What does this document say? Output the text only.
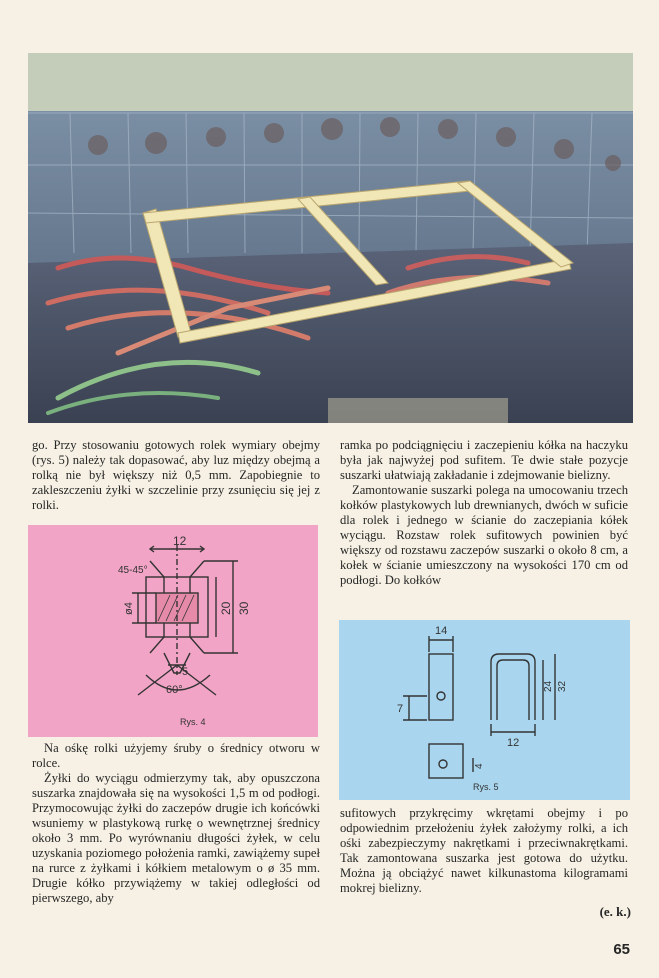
go. Przy stosowaniu gotowych rolek wymiary obejmy (rys. 5) należy tak dopasować, aby luz między obejmą a rolką nie był większy niż 0,5 mm. Zapobiegnie to zakleszczeniu żyłki w szczelinie przy zsunięciu się jej z rolki.

ramka po podciągnięciu i zaczepieniu kółka na haczyku była jak najwyżej pod sufitem. Te dwie stałe pozycje suszarki ułatwiają zakładanie i zdejmowanie bielizny.

Zamontowanie suszarki polega na umocowaniu trzech kołków plastykowych lub drewnianych, dwóch w suficie dla rolek i jednego w ścianie do zaczepiania kółek wyciągu. Rozstaw rolek sufitowych powinien być większy od rozstawu zaczepów suszarki o około 8 cm, a kołek w ścianie umieszczony na wysokości 170 cm od podłogi. Do kołków

12
45-45°
ø4	20 30
5
60°
Rys. 4
14
7
12
24 32
4
Rys. 5

Na ośkę rolki użyjemy śruby o średnicy otworu w rolce.

Żyłki do wyciągu odmierzymy tak, aby opuszczona suszarka znajdowała się na wysokości 1,5 m od podłogi. Przymocowując żyłki do zaczepów drugie ich końcówki wsuniemy w plastykową rurkę o wewnętrznej średnicy około 3 mm. Po wyrównaniu długości żyłek, w celu uzyskania poziomego położenia ramki, zawiążemy supeł na rurce z żyłkami i kółkiem metalowym o ø 35 mm. Drugie kółko przywiążemy w takiej odległości od pierwszego, aby

sufitowych przykręcimy wkrętami obejmy i po odpowiednim przełożeniu żyłek założymy rolki, a ich ośki zabezpieczymy nakrętkami i przeciwnakrętkami. Tak zamontowana suszarka jest gotowa do użytku. Można ją obciążyć nawet kilkunastoma kilogramami mokrej bielizny.

(e. k.)
65
